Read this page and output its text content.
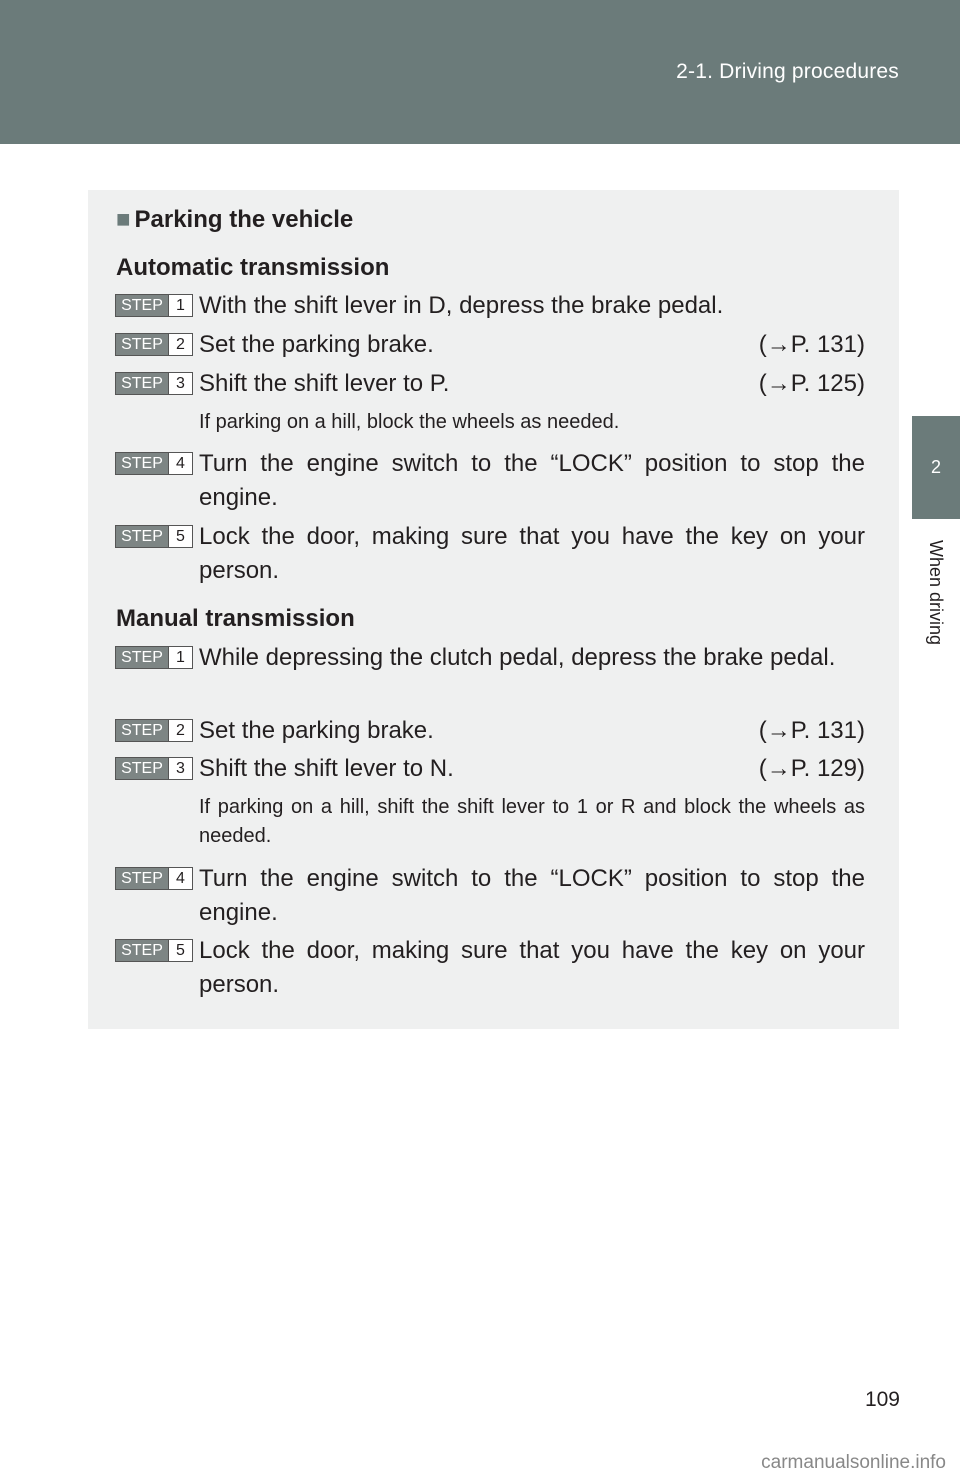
2-1. Driving procedures
2
When driving
■ Parking the vehicle
Automatic transmission
STEP 1 With the shift lever in D, depress the brake pedal.
STEP 2 Set the parking brake.	(→P. 131)
STEP 3 Shift the shift lever to P.	(→P. 125)
If parking on a hill, block the wheels as needed.
STEP 4 Turn the engine switch to the “LOCK” position to stop the engine.
STEP 5 Lock the door, making sure that you have the key on your person.
Manual transmission
STEP 1 While depressing the clutch pedal, depress the brake pedal.
STEP 2 Set the parking brake.	(→P. 131)
STEP 3 Shift the shift lever to N.	(→P. 129)
If parking on a hill, shift the shift lever to 1 or R and block the wheels as needed.
STEP 4 Turn the engine switch to the “LOCK” position to stop the engine.
STEP 5 Lock the door, making sure that you have the key on your person.
109
carmanualsonline.info
